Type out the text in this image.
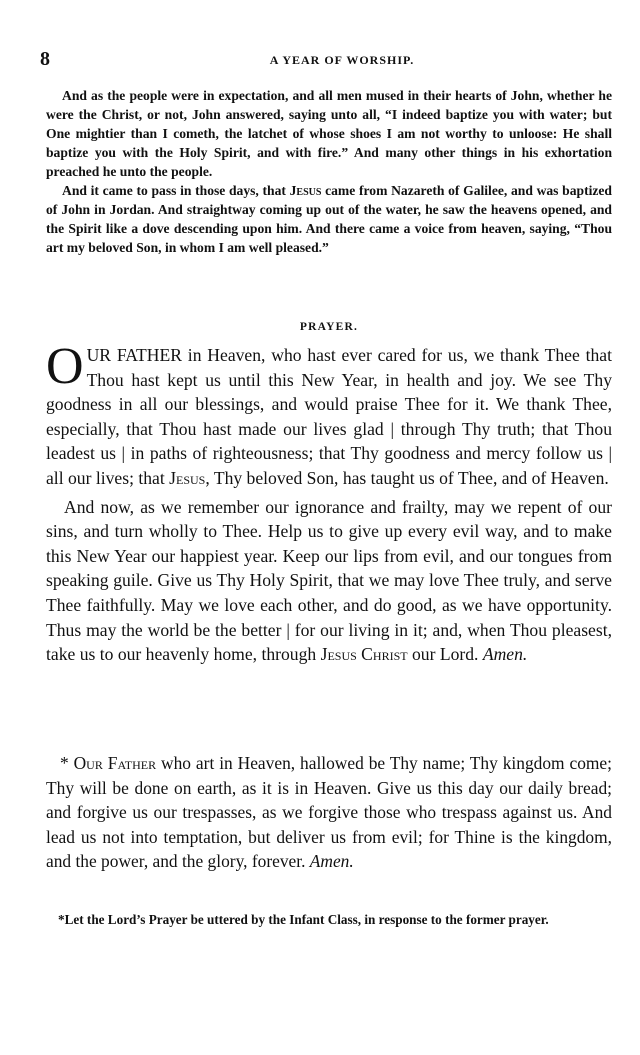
8	A YEAR OF WORSHIP.

And as the people were in expectation, and all men mused in their hearts of John, whether he were the Christ, or not, John answered, saying unto all, “I indeed baptize you with water; but One mightier than I cometh, the latchet of whose shoes I am not worthy to unloose: He shall baptize you with the Holy Spirit, and with fire.” And many other things in his exhortation preached he unto the people.

And it came to pass in those days, that Jesus came from Nazareth of Galilee, and was baptized of John in Jordan. And straightway coming up out of the water, he saw the heavens opened, and the Spirit like a dove descending upon him. And there came a voice from heaven, saying, “Thou art my beloved Son, in whom I am well pleased.”

PRAYER.

OUR FATHER in Heaven, who hast ever cared for us, we thank Thee that Thou hast kept us until this New Year, in health and joy. We see Thy goodness in all our blessings, and would praise Thee for it. We thank Thee, especially, that Thou hast made our lives glad | through Thy truth; that Thou leadest us | in paths of righteousness; that Thy goodness and mercy follow us | all our lives; that Jesus, Thy beloved Son, has taught us of Thee, and of Heaven.

And now, as we remember our ignorance and frailty, may we repent of our sins, and turn wholly to Thee. Help us to give up every evil way, and to make this New Year our happiest year. Keep our lips from evil, and our tongues from speaking guile. Give us Thy Holy Spirit, that we may love Thee truly, and serve Thee faithfully. May we love each other, and do good, as we have opportunity. Thus may the world be the better | for our living in it; and, when Thou pleasest, take us to our heavenly home, through Jesus Christ our Lord. Amen.

* Our Father who art in Heaven, hallowed be Thy name; Thy kingdom come; Thy will be done on earth, as it is in Heaven. Give us this day our daily bread; and forgive us our trespasses, as we forgive those who trespass against us. And lead us not into temptation, but deliver us from evil; for Thine is the kingdom, and the power, and the glory, forever. Amen.

*Let the Lord’s Prayer be uttered by the Infant Class, in response to the former prayer.
